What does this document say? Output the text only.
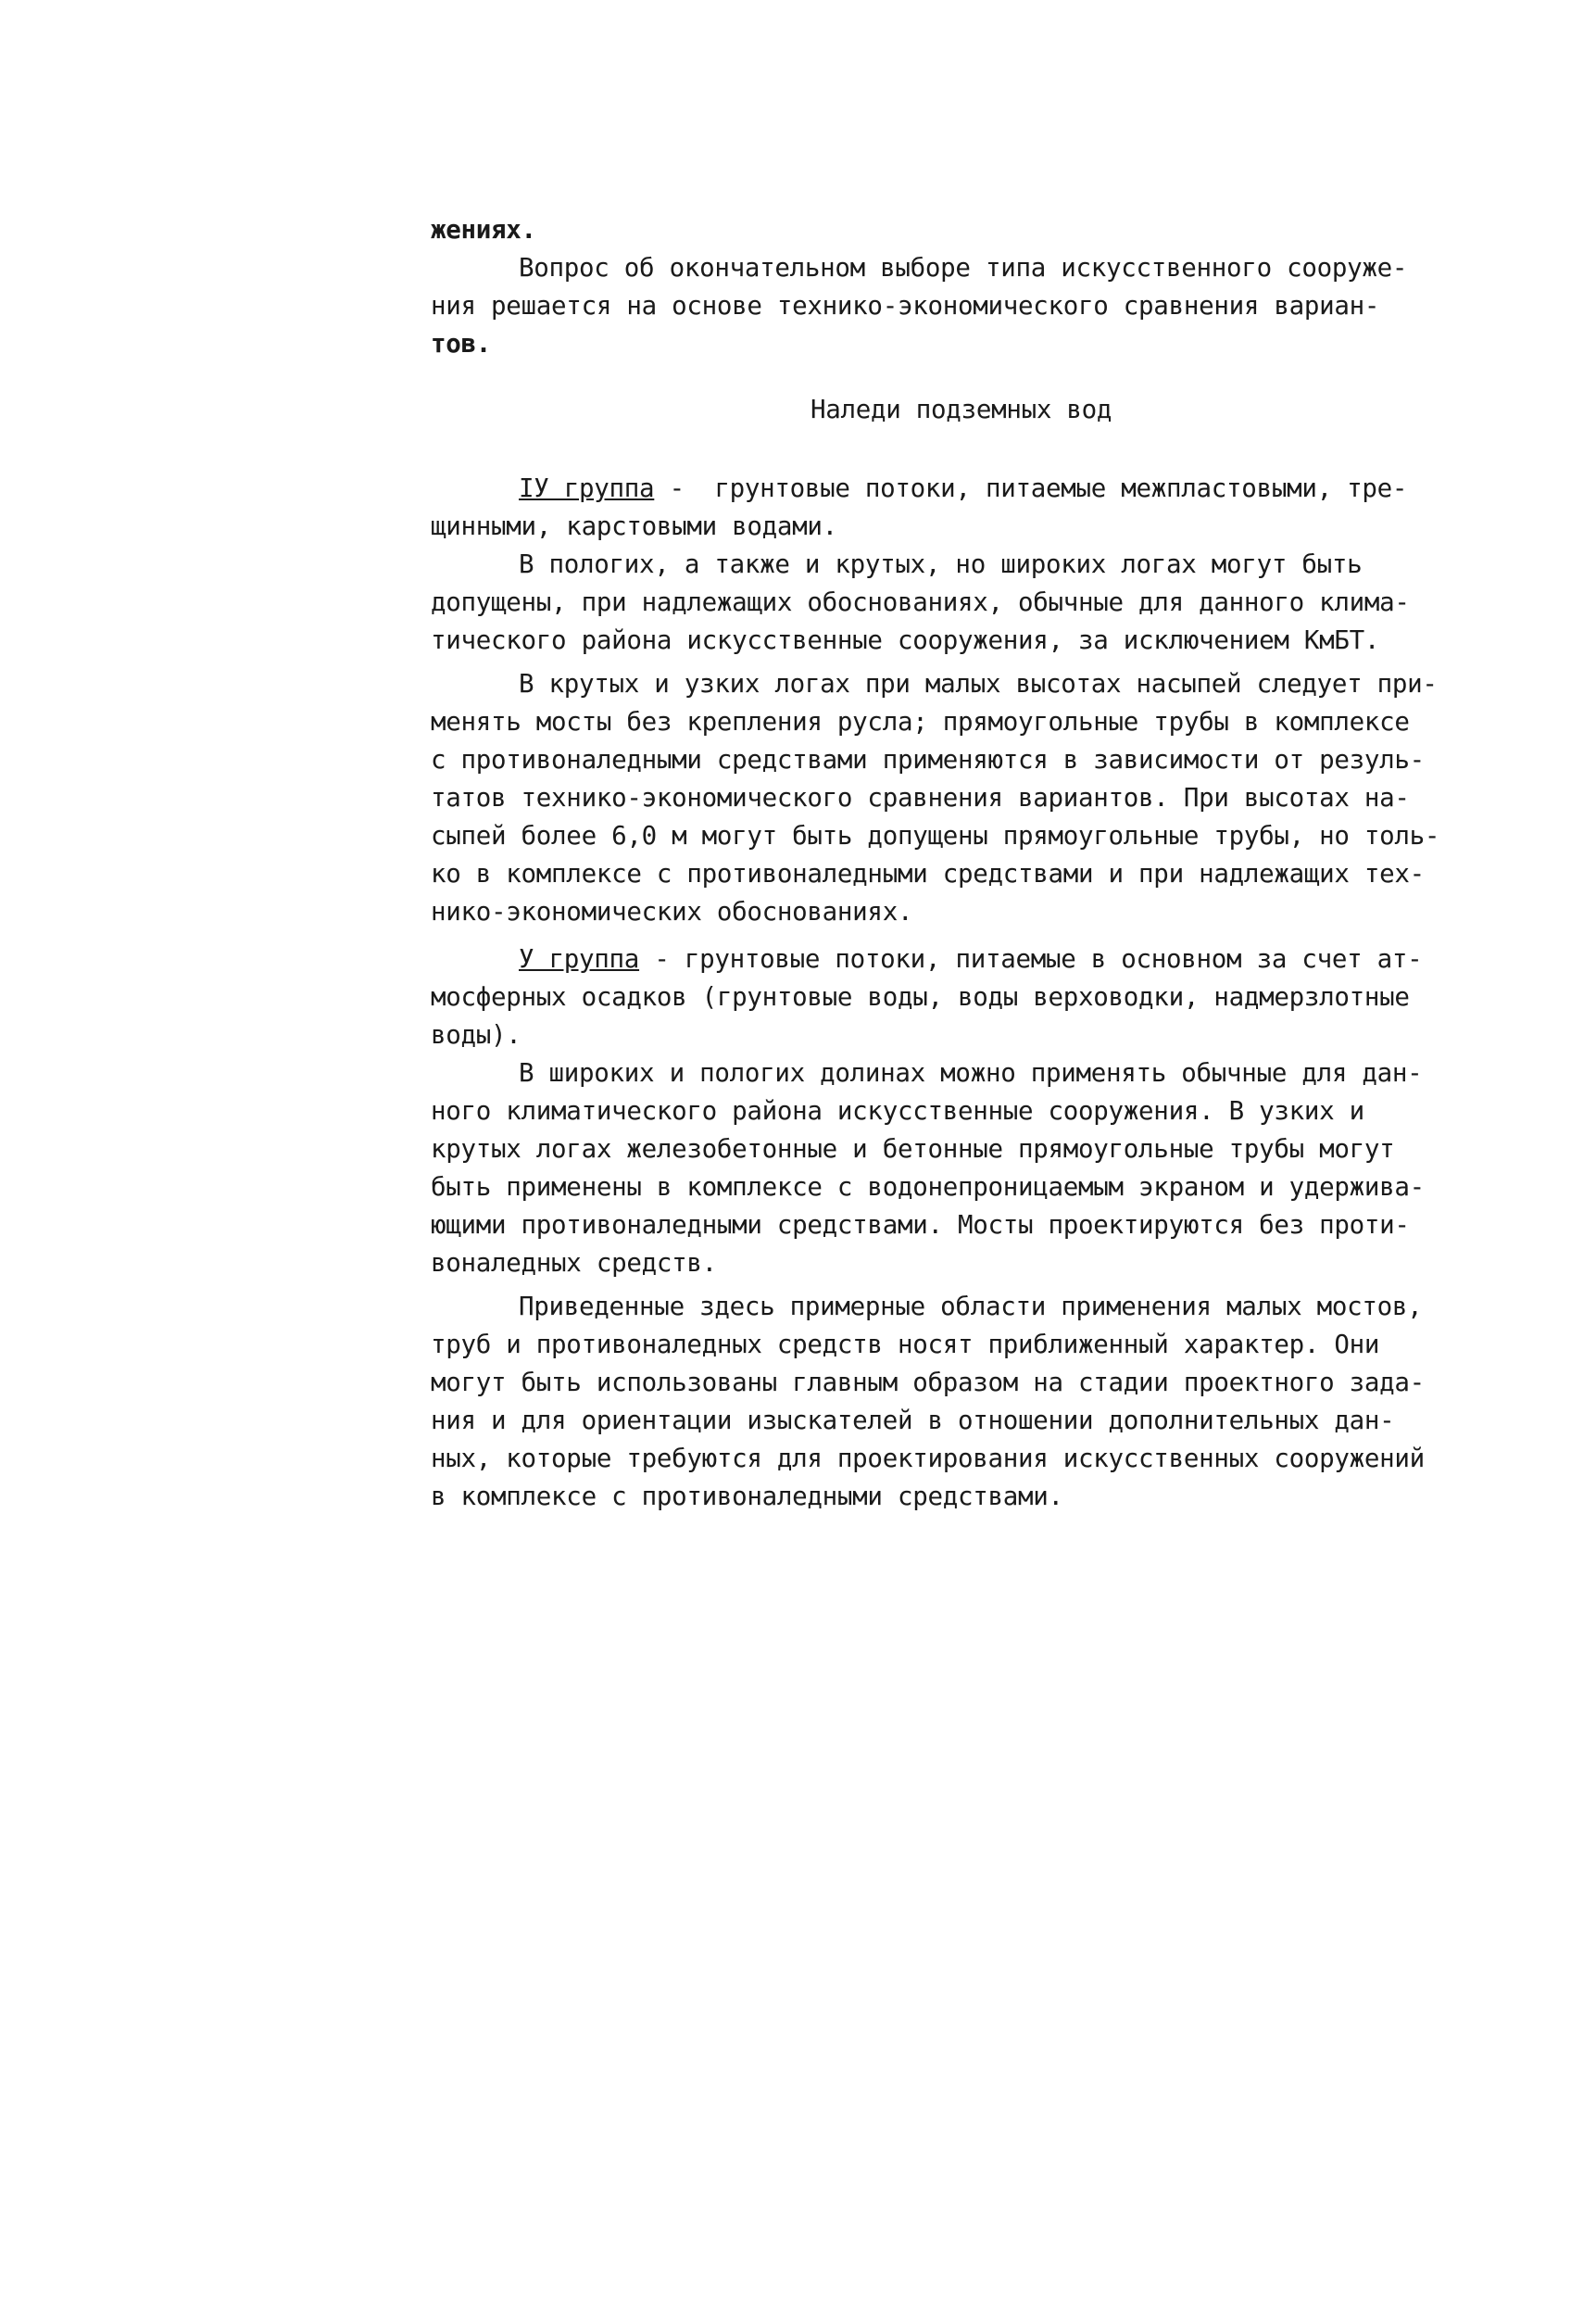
жениях.
Вопрос об окончательном выборе типа искусственного сооруже-
ния решается на основе технико-экономического сравнения вариан-
тов.
Наледи подземных вод
IУ группа -  грунтовые потоки, питаемые межпластовыми, тре-
щинными, карстовыми водами.
В пологих, а также и крутых, но широких логах могут быть
допущены, при надлежащих обоснованиях, обычные для данного клима-
тического района искусственные сооружения, за исключением КмБТ.
В крутых и узких логах при малых высотах насыпей следует при-
менять мосты без крепления русла; прямоугольные трубы в комплексе
с противоналедными средствами применяются в зависимости от резуль-
татов технико-экономического сравнения вариантов. При высотах на-
сыпей более 6,0 м могут быть допущены прямоугольные трубы, но толь-
ко в комплексе с противоналедными средствами и при надлежащих тех-
нико-экономических обоснованиях.
У группа - грунтовые потоки, питаемые в основном за счет ат-
мосферных осадков (грунтовые воды, воды верховодки, надмерзлотные
воды).
В широких и пологих долинах можно применять обычные для дан-
ного климатического района искусственные сооружения. В узких и
крутых логах железобетонные и бетонные прямоугольные трубы могут
быть применены в комплексе с водонепроницаемым экраном и удержива-
ющими противоналедными средствами. Мосты проектируются без проти-
воналедных средств.
Приведенные здесь примерные области применения малых мостов,
труб и противоналедных средств носят приближенный характер. Они
могут быть использованы главным образом на стадии проектного зада-
ния и для ориентации изыскателей в отношении дополнительных дан-
ных, которые требуются для проектирования искусственных сооружений
в комплексе с противоналедными средствами.
